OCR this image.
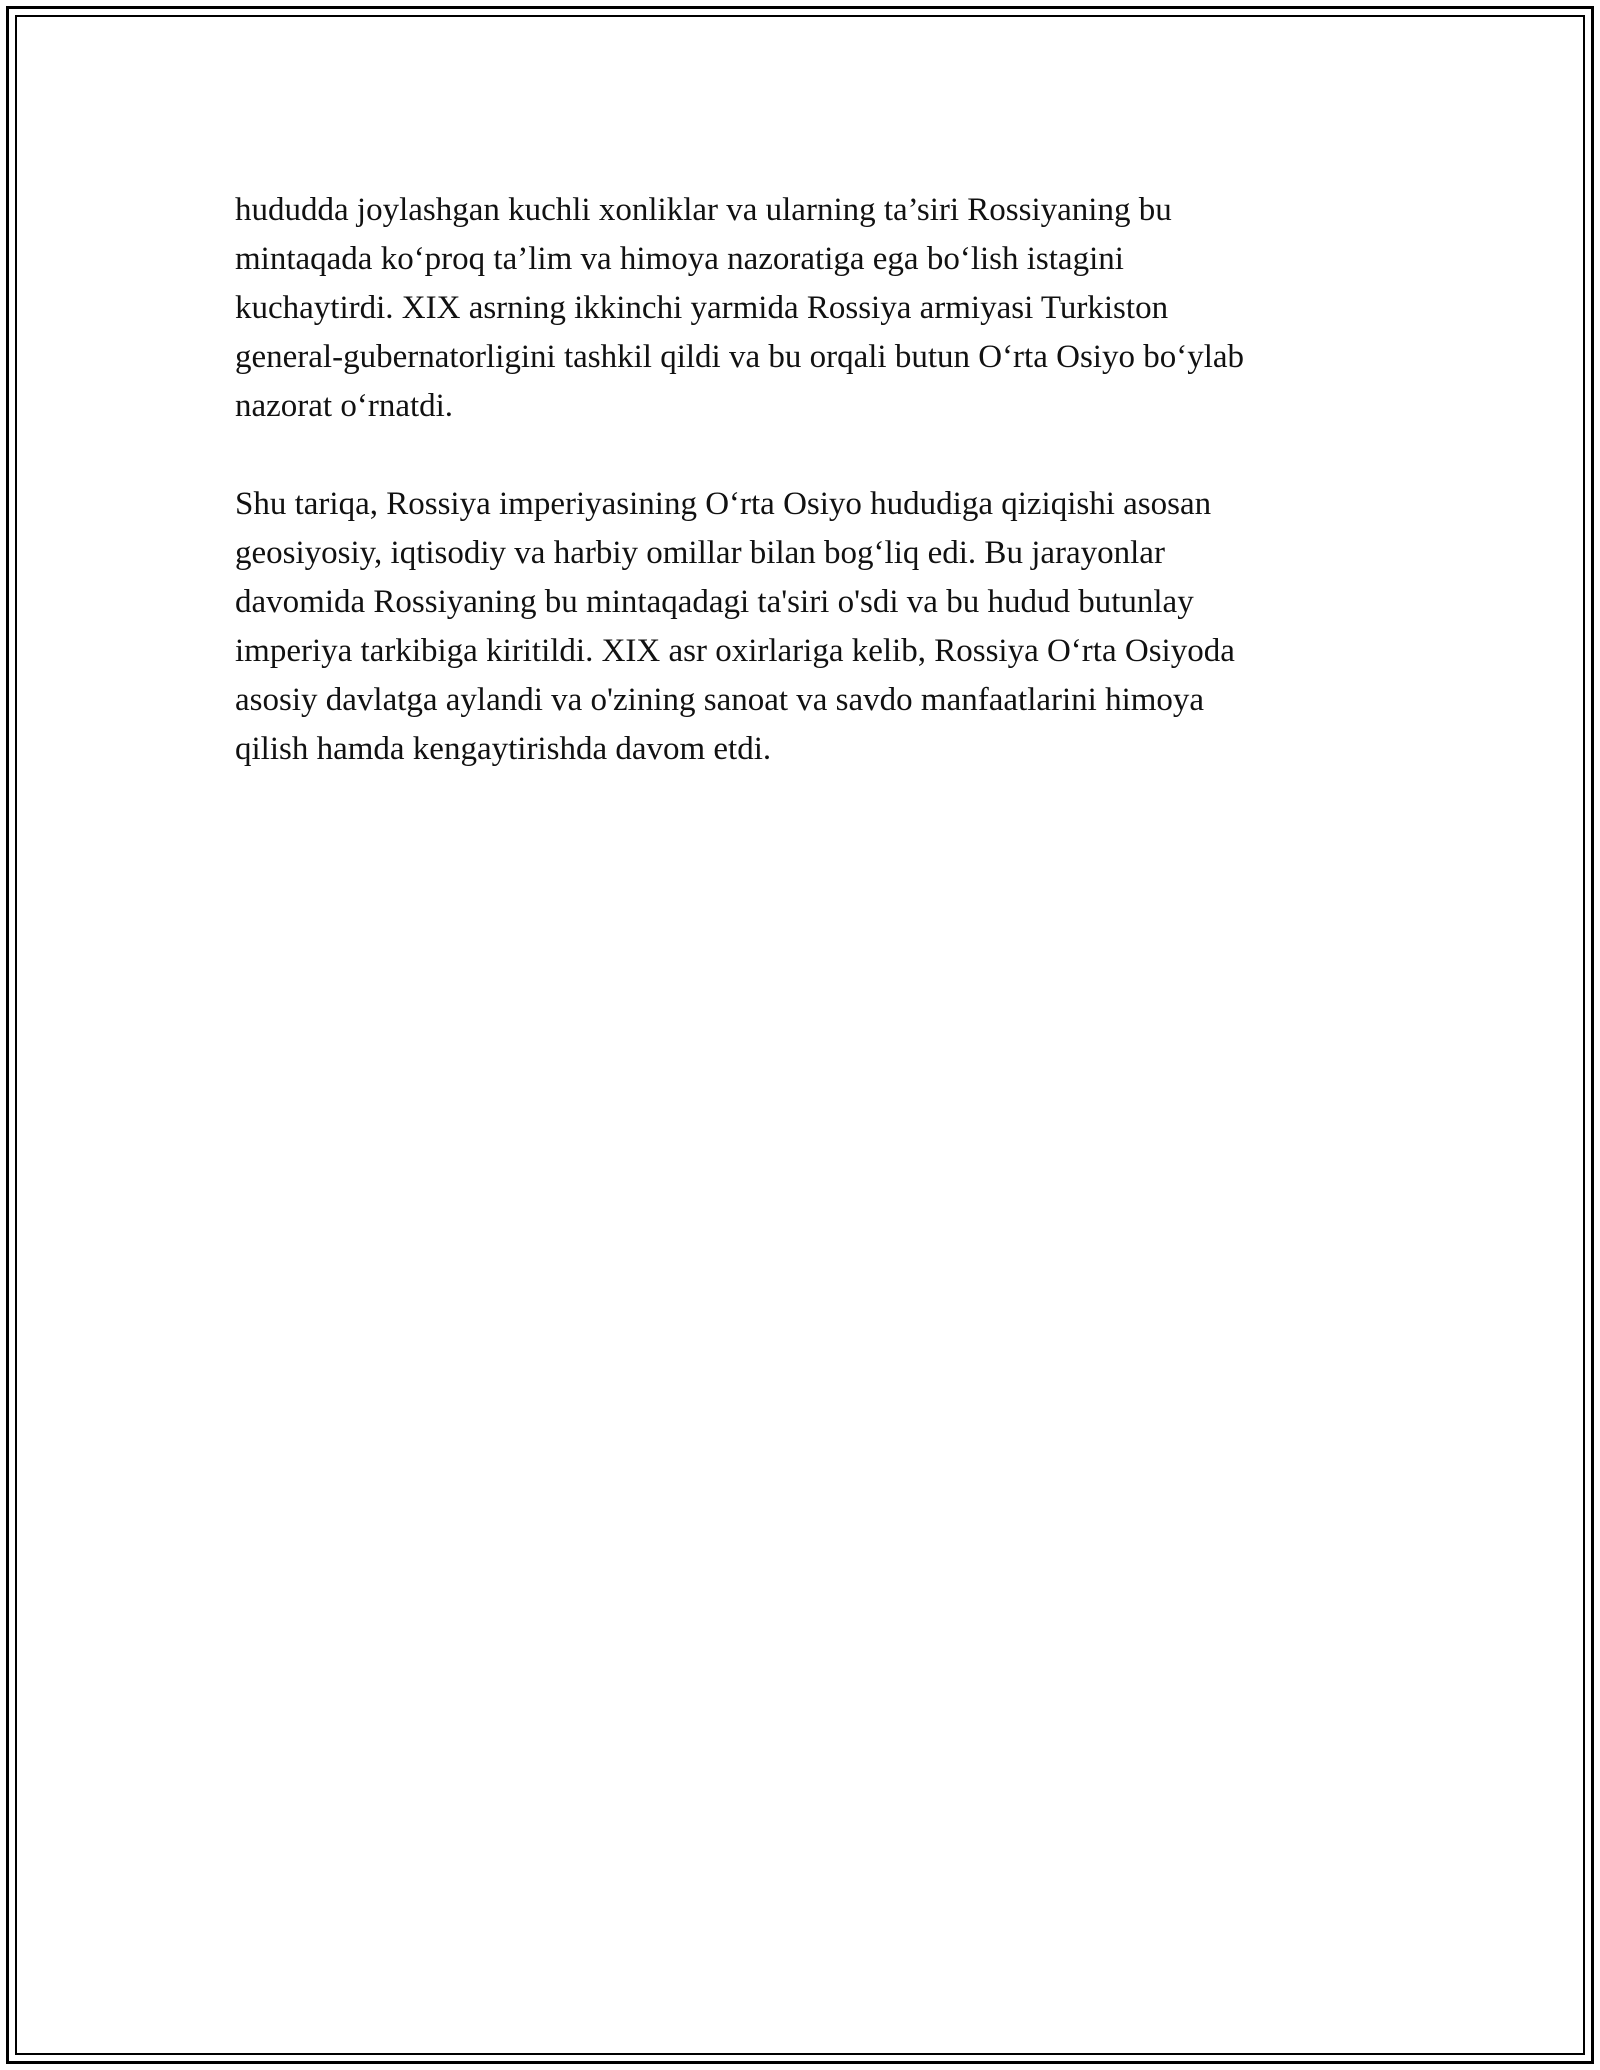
hududda joylashgan kuchli xonliklar va ularning ta’siri Rossiyaning bu
mintaqada ko‘proq ta’lim va himoya nazoratiga ega bo‘lish istagini
kuchaytirdi. XIX asrning ikkinchi yarmida Rossiya armiyasi Turkiston
general-gubernatorligini tashkil qildi va bu orqali butun O‘rta Osiyo bo‘ylab
nazorat o‘rnatdi.

Shu tariqa, Rossiya imperiyasining O‘rta Osiyo hududiga qiziqishi asosan
geosiyosiy, iqtisodiy va harbiy omillar bilan bog‘liq edi. Bu jarayonlar
davomida Rossiyaning bu mintaqadagi ta'siri o'sdi va bu hudud butunlay
imperiya tarkibiga kiritildi. XIX asr oxirlariga kelib, Rossiya O‘rta Osiyoda
asosiy davlatga aylandi va o'zining sanoat va savdo manfaatlarini himoya
qilish hamda kengaytirishda davom etdi.
